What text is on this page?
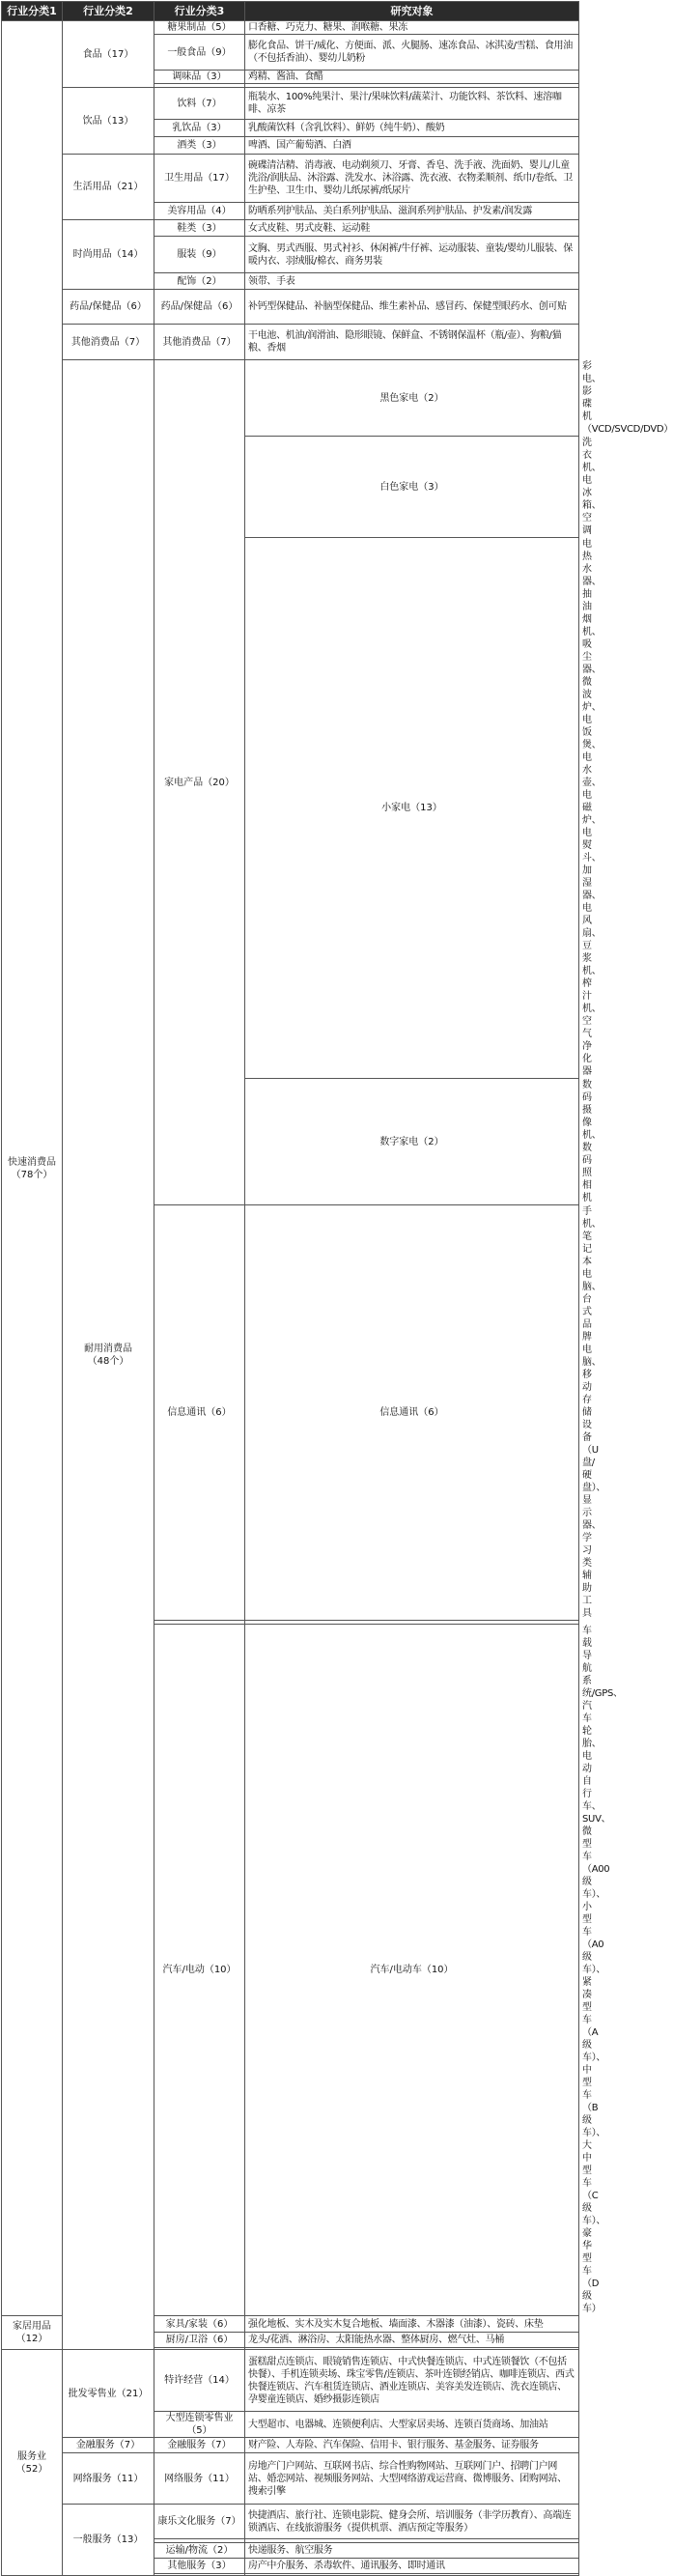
行业分类1	行业分类2	行业分类3	研究对象	
快速消费品
（78个）	食品（17）	糖果制品（5）	口香糖、巧克力、糖果、润喉糖、果冻	
		一般食品（9）	膨化食品、饼干/威化、方便面、派、火腿肠、速冻食品、冰淇凌/雪糕、食用油（不包括香油）、婴幼儿奶粉	
		调味品（3）	鸡精、酱油、食醋	

	饮品（13）	饮料（7）	瓶装水、100%纯果汁、果汁/果味饮料/蔬菜汁、功能饮料、茶饮料、速溶咖啡、凉茶	
		乳饮品（3）	乳酸菌饮料（含乳饮料）、鲜奶（纯牛奶）、酸奶	
		酒类（3）	啤酒、国产葡萄酒、白酒	
	生活用品（21）	卫生用品（17）	碗碟清洁精、消毒液、电动剃须刀、牙膏、香皂、洗手液、洗面奶、婴儿/儿童洗浴/润肤品、沐浴露、洗发水、沐浴露、洗衣液、衣物柔顺剂、纸巾/卷纸、卫生护垫、卫生巾、婴幼儿纸尿裤/纸尿片	
		美容用品（4）	防晒系列护肤品、美白系列护肤品、滋润系列护肤品、护发素/润发露	
	时尚用品（14）	鞋类（3）	女式皮鞋、男式皮鞋、运动鞋	
		服装（9）	文胸、男式西服、男式衬衫、休闲裤/牛仔裤、运动服装、童装/婴幼儿服装、保暖内衣、羽绒服/棉衣、商务男装	
		配饰（2）	领带、手表	
	药品/保健品（6）	药品/保健品（6）	补钙型保健品、补脑型保健品、维生素补品、感冒药、保健型眼药水、创可贴	
	其他消费品（7）	其他消费品（7）	干电池、机油/润滑油、隐形眼镜、保鲜盒、不锈钢保温杯（瓶/壶）、狗粮/猫粮、香烟	
	耐用消费品
（48个）	家电产品（20）	黑色家电（2）	彩电、影碟机（VCD/SVCD/DVD）
			白色家电（3）	洗衣机、电冰箱、空调
			小家电（13）	电热水器、抽油烟机、吸尘器、微波炉、电饭煲、电水壶、电磁炉、电熨斗、加湿器、电风扇、豆浆机、榨汁机、空气净化器
			数字家电（2）	数码摄像机、数码照相机
		信息通讯（6）	信息通讯（6）	手机、笔记本电脑、台式品牌电脑、移动存储设备（U盘/硬盘）、显示器、学习类辅助工具

		汽车/电动（10）	汽车/电动车（10）	车载导航系统/GPS、汽车轮胎、电动自行车、SUV、微型车（A00级车）、小型车（A0级车）、紧凑型车（A级车）、中型车（B级车）、大中型车（C级车）、豪华型车（D级车）
家居用品（12）		家具/家装（6）	强化地板、实木及实木复合地板、墙面漆、木器漆（油漆）、瓷砖、床垫	
		厨房/卫浴（6）	龙头/花洒、淋浴房、太阳能热水器、整体厨房、燃气灶、马桶	

服务业
（52）	批发零售业（21）	特许经营（14）	蛋糕甜点连锁店、眼镜销售连锁店、中式快餐连锁店、中式连锁餐饮（不包括快餐）、手机连锁卖场、珠宝零售/连锁店、茶叶连锁经销店、咖啡连锁店、西式快餐连锁店、汽车租赁连锁店、酒业连锁店、美容美发连锁店、洗衣连锁店、孕婴童连锁店、婚纱摄影连锁店	
		大型连锁零售业（5）	大型超市、电器城、连锁便利店、大型家居卖场、连锁百货商场、加油站	
	金融服务（7）	金融服务（7）	财产险、人寿险、汽车保险、信用卡、银行服务、基金服务、证券服务	
	网络服务（11）	网络服务（11）	房地产门户网站、互联网书店、综合性购物网站、互联网门户、招聘门户网站、婚恋网站、视频服务网站、大型网络游戏运营商、微博服务、团购网站、搜索引擎	
	一般服务（13）	康乐文化服务（7）	快捷酒店、旅行社、连锁电影院、健身会所、培训服务（非学历教育）、高端连锁酒店、在线旅游服务（提供机票、酒店预定等服务）	

		运输/物流（2）	快递服务、航空服务	
		其他服务（3）	房产中介服务、杀毒软件、通讯服务、即时通讯	
